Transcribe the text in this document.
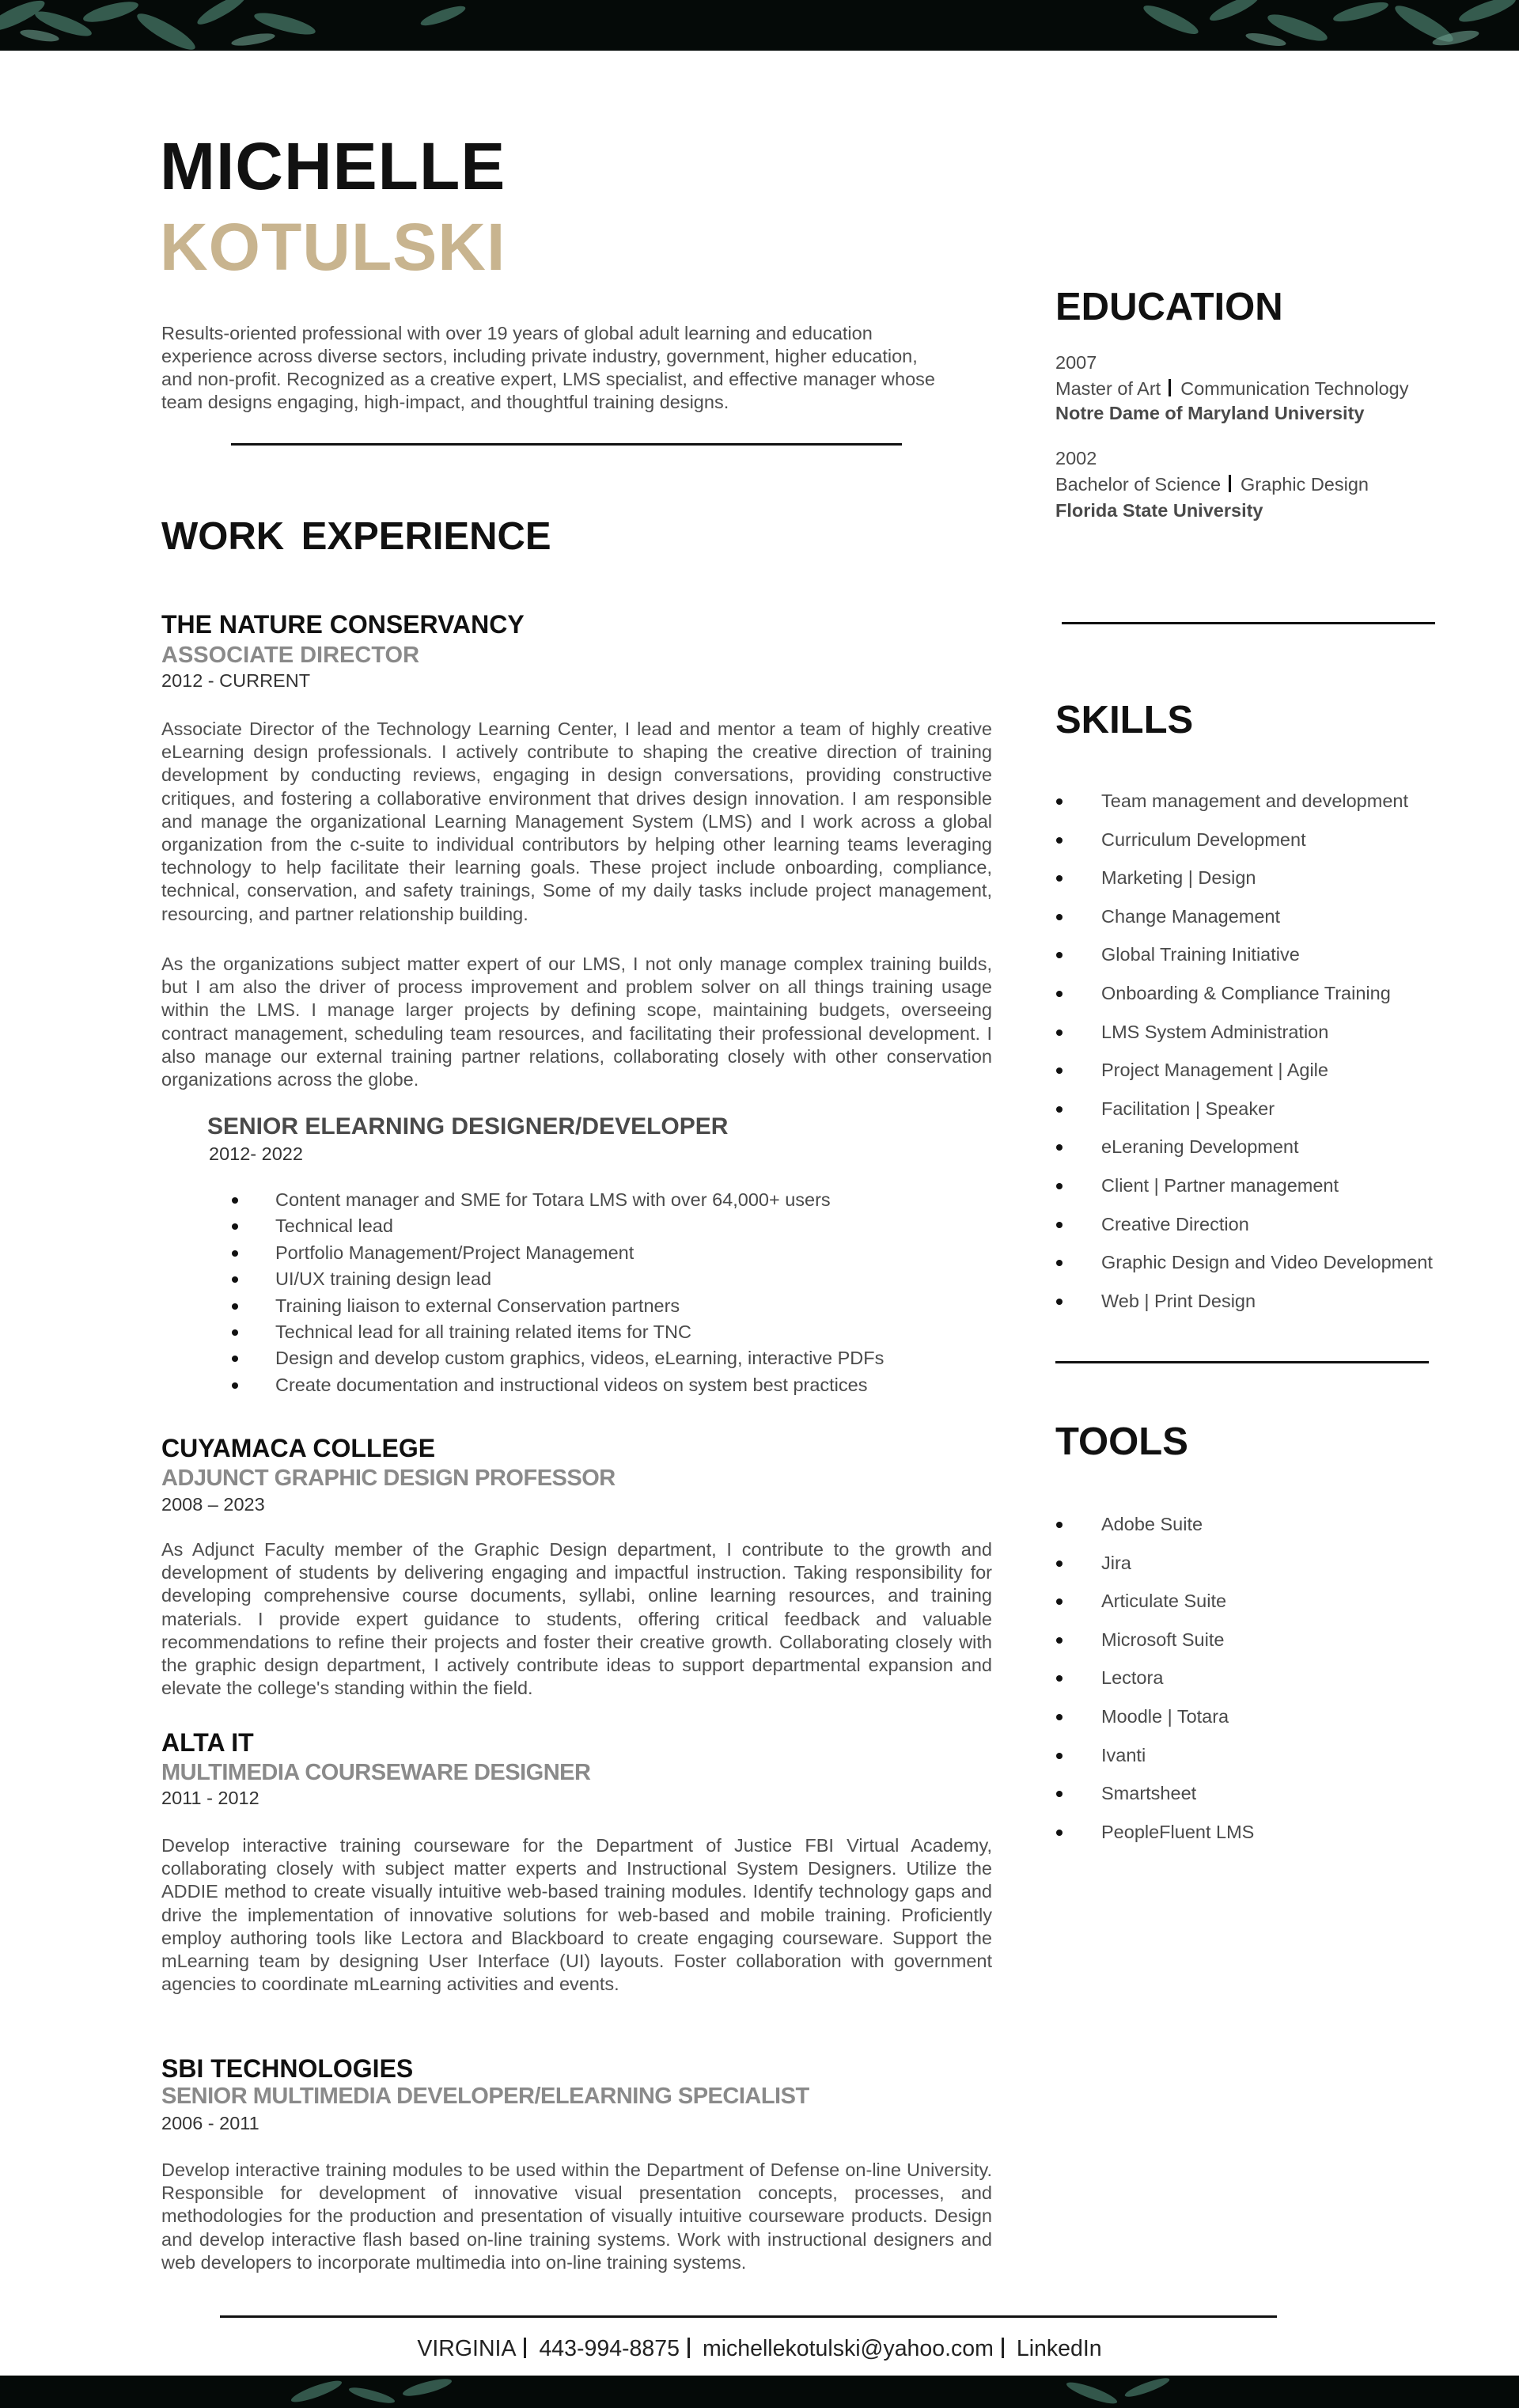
MICHELLE
KOTULSKI
Results-oriented professional with over 19 years of global adult learning and education experience across diverse sectors, including private industry, government, higher education, and non-profit. Recognized as a creative expert, LMS specialist, and effective manager whose team designs engaging, high-impact, and thoughtful training designs.
WORK EXPERIENCE
THE NATURE CONSERVANCY
ASSOCIATE DIRECTOR
2012 - CURRENT

Associate Director of the Technology Learning Center, I lead and mentor a team of highly creative eLearning design professionals. I actively contribute to shaping the creative direction of training development by conducting reviews, engaging in design conversations, providing constructive critiques, and fostering a collaborative environment that drives design innovation. I am responsible and manage the organizational Learning Management System (LMS) and I work across a global organization from the c-suite to individual contributors by helping other learning teams leveraging technology to help facilitate their learning goals. These project include onboarding, compliance, technical, conservation, and safety trainings, Some of my daily tasks include project management, resourcing, and partner relationship building.

As the organizations subject matter expert of our LMS, I not only manage complex training builds, but I am also the driver of process improvement and problem solver on all things training usage within the LMS. I manage larger projects by defining scope, maintaining budgets, overseeing contract management, scheduling team resources, and facilitating their professional development. I also manage our external training partner relations, collaborating closely with other conservation organizations across the globe.

SENIOR ELEARNING DESIGNER/DEVELOPER
2012- 2022
Content manager and SME for Totara LMS with over 64,000+ users
Technical lead
Portfolio Management/Project Management
UI/UX training design lead
Training liaison to external Conservation partners
Technical lead for all training related items for TNC
Design and develop custom graphics, videos, eLearning, interactive PDFs
Create documentation and instructional videos on system best practices
CUYAMACA COLLEGE
ADJUNCT GRAPHIC DESIGN PROFESSOR
2008 – 2023

As Adjunct Faculty member of the Graphic Design department, I contribute to the growth and development of students by delivering engaging and impactful instruction. Taking responsibility for developing comprehensive course documents, syllabi, online learning resources, and training materials. I provide expert guidance to students, offering critical feedback and valuable recommendations to refine their projects and foster their creative growth. Collaborating closely with the graphic design department, I actively contribute ideas to support departmental expansion and elevate the college's standing within the field.

ALTA IT
MULTIMEDIA COURSEWARE DESIGNER
2011 - 2012

Develop interactive training courseware for the Department of Justice FBI Virtual Academy, collaborating closely with subject matter experts and Instructional System Designers. Utilize the ADDIE method to create visually intuitive web-based training modules. Identify technology gaps and drive the implementation of innovative solutions for web-based and mobile training. Proficiently employ authoring tools like Lectora and Blackboard to create engaging courseware. Support the mLearning team by designing User Interface (UI) layouts. Foster collaboration with government agencies to coordinate mLearning activities and events.

SBI TECHNOLOGIES
SENIOR MULTIMEDIA DEVELOPER/ELEARNING SPECIALIST
2006 - 2011

Develop interactive training modules to be used within the Department of Defense on-line University. Responsible for development of innovative visual presentation concepts, processes, and methodologies for the production and presentation of visually intuitive courseware products. Design and develop interactive flash based on-line training systems. Work with instructional designers and web developers to incorporate multimedia into on-line training systems.

EDUCATION
2007
Master of Art Communication Technology
Notre Dame of Maryland University
2002
Bachelor of Science Graphic Design
Florida State University
SKILLS
Team management and development
Curriculum Development
Marketing | Design
Change Management
Global Training Initiative
Onboarding & Compliance Training
LMS System Administration
Project Management | Agile
Facilitation | Speaker
eLeraning Development
Client | Partner management
Creative Direction
Graphic Design and Video Development
Web | Print Design
TOOLS
Adobe Suite
Jira
Articulate Suite
Microsoft Suite
Lectora
Moodle | Totara
Ivanti
Smartsheet
PeopleFluent LMS
VIRGINIA 443-994-8875 michellekotulski@yahoo.com LinkedIn
